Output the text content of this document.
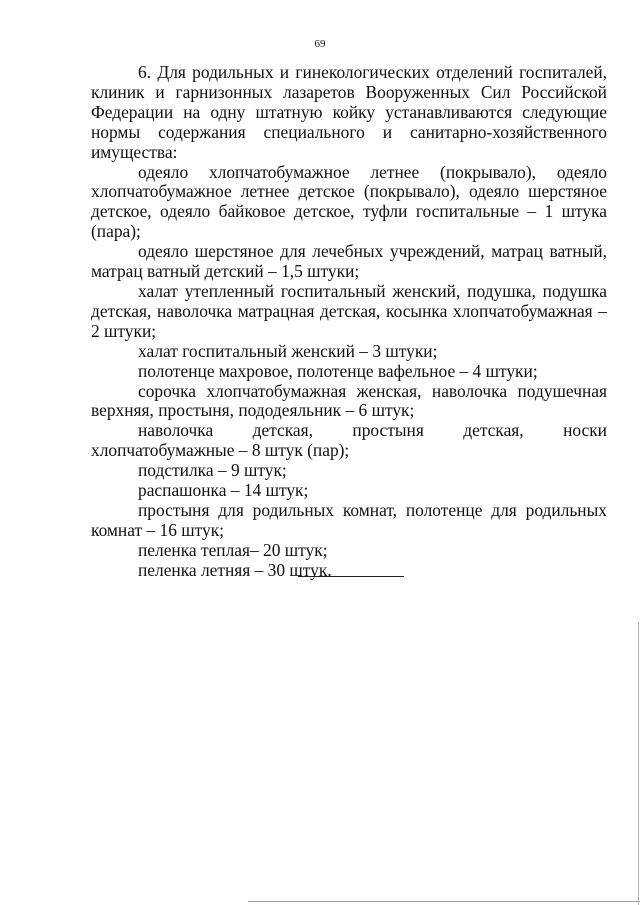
69

6. Для родильных и гинекологических отделений госпиталей, клиник и гарнизонных лазаретов Вооруженных Сил Российской Федерации на одну штатную койку устанавливаются следующие нормы содержания специального и санитарно-хозяйственного имущества:

одеяло хлопчатобумажное летнее (покрывало), одеяло хлопчатобумажное летнее детское (покрывало), одеяло шерстяное детское, одеяло байковое детское, туфли госпитальные – 1 штука (пара);

одеяло шерстяное для лечебных учреждений, матрац ватный, матрац ватный детский – 1,5 штуки;

халат утепленный госпитальный женский, подушка, подушка детская, наволочка матрацная детская, косынка хлопчатобумажная – 2 штуки;

халат госпитальный женский – 3 штуки;

полотенце махровое, полотенце вафельное – 4 штуки;

сорочка хлопчатобумажная женская, наволочка подушечная верхняя, простыня, пододеяльник – 6 штук;

наволочка детская, простыня детская, носки хлопчатобумажные – 8 штук (пар);

подстилка – 9 штук;

распашонка – 14 штук;

простыня для родильных комнат, полотенце для родильных комнат – 16 штук;

пеленка теплая– 20 штук;

пеленка летняя – 30 штук.
